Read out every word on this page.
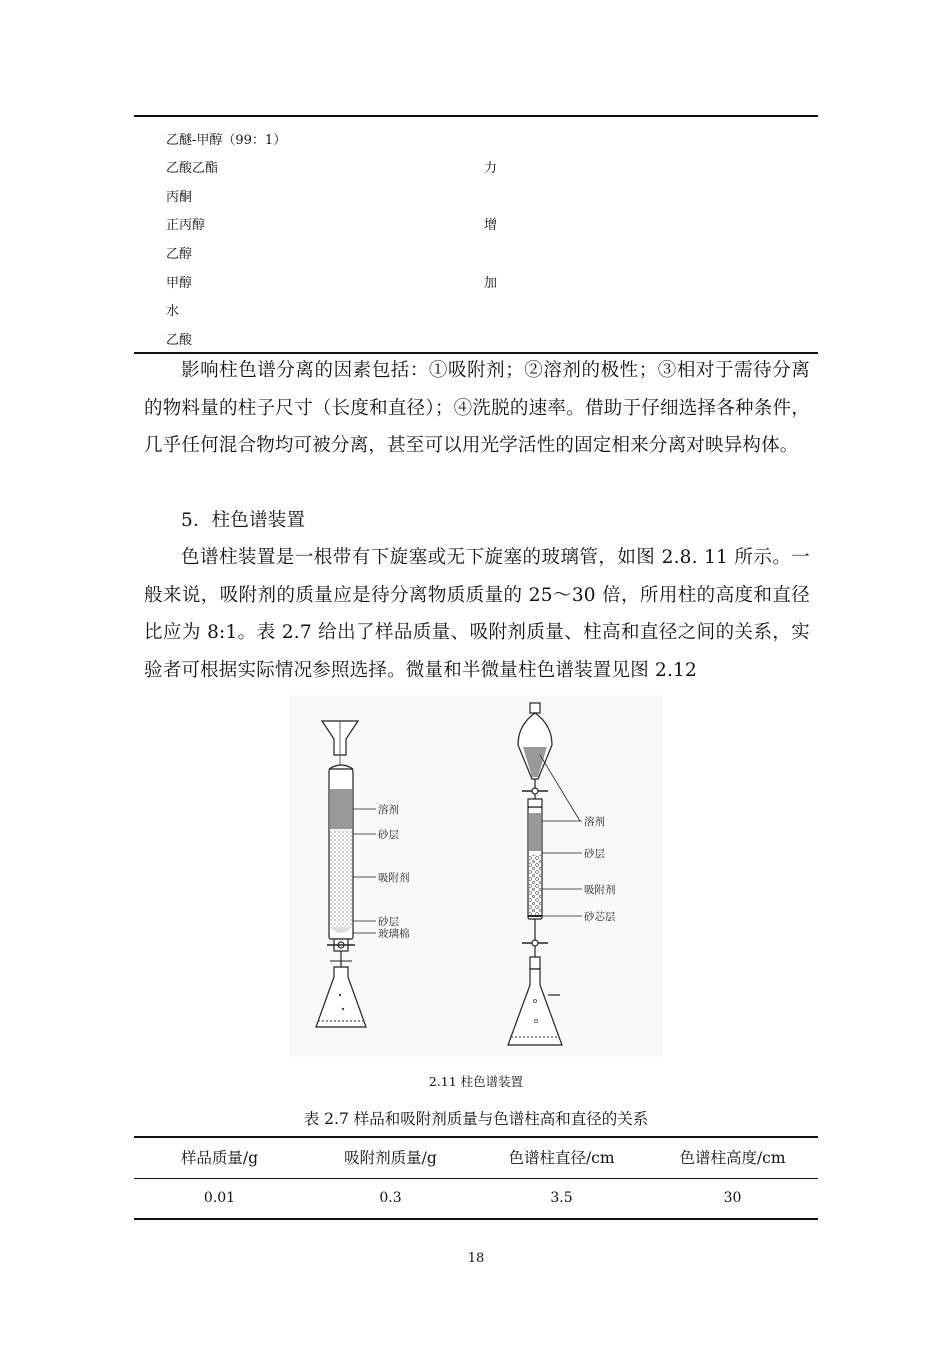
乙醚-甲醇（99：1）
乙酸乙酯	力
丙酮
正丙醇	增
乙醇
甲醇	加
水
乙酸
影响柱色谱分离的因素包括：①吸附剂；②溶剂的极性；③相对于需待分离的物料量的柱子尺寸（长度和直径）；④洗脱的速率。借助于仔细选择各种条件，几乎任何混合物均可被分离，甚至可以用光学活性的固定相来分离对映异构体。
5．柱色谱装置
色谱柱装置是一根带有下旋塞或无下旋塞的玻璃管，如图 2.8. 11 所示。一般来说，吸附剂的质量应是待分离物质质量的 25～30 倍，所用柱的高度和直径比应为 8:1。表 2.7 给出了样品质量、吸附剂质量、柱高和直径之间的关系，实验者可根据实际情况参照选择。微量和半微量柱色谱装置见图 2.12
溶剂
砂层
吸附剂
砂层
玻璃棉
溶剂
砂层
吸附剂
砂芯层
2.11 柱色谱装置
表 2.7 样品和吸附剂质量与色谱柱高和直径的关系
样品质量/g	吸附剂质量/g	色谱柱直径/cm	色谱柱高度/cm
0.01	0.3	3.5	30
18
